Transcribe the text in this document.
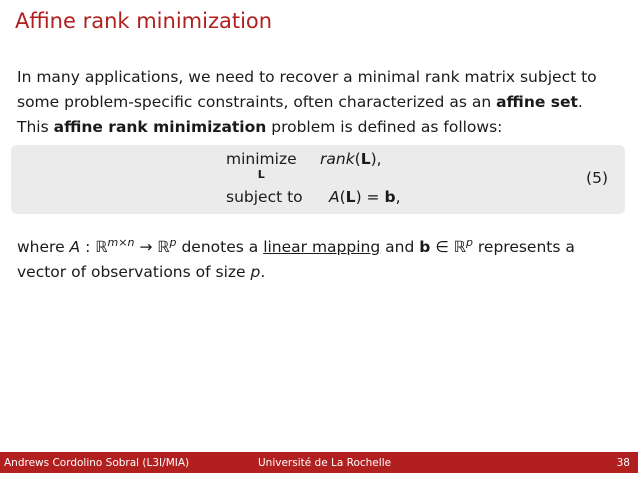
Affine rank minimization
In many applications, we need to recover a minimal rank matrix subject to
some problem-specific constraints, often characterized as an affine set.
This affine rank minimization problem is defined as follows:
minimize
L
rank(L),
subject to A(L) = b,
(5)
where A : ℝ$^{m\times n}$ → ℝ$^p$ denotes a linear mapping and b ∈ ℝ$^p$ represents a
vector of observations of size p.
Andrews Cordolino Sobral (L3I/MIA)	Université de La Rochelle	38
